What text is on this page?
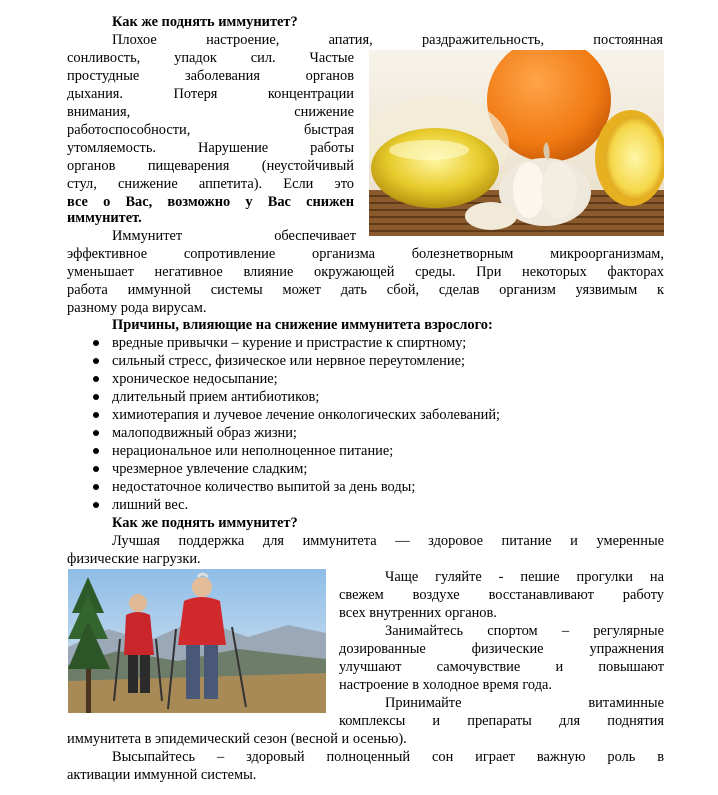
Как же поднять иммунитет?
Плохое настроение, апатия, раздражительность, постоянная
сонливость, упадок сил. Частые
простудные заболевания органов
дыхания. Потеря концентрации
внимания, снижение
работоспособности, быстрая
утомляемость. Нарушение работы
органов пищеварения (неустойчивый
стул, снижение аппетита). Если это
все о Вас, возможно у Вас снижен
иммунитет.
Иммунитет обеспечивает
эффективное сопротивление организма болезнетворным микроорганизмам,
уменьшает негативное влияние окружающей среды. При некоторых факторах
работа иммунной системы может дать сбой, сделав организм уязвимым к
разному рода вирусам.
Причины, влияющие на снижение иммунитета взрослого:
вредные привычки – курение и пристрастие к спиртному;
сильный стресс, физическое или нервное переутомление;
хроническое недосыпание;
длительный прием антибиотиков;
химиотерапия и лучевое лечение онкологических заболеваний;
малоподвижный образ жизни;
нерациональное или неполноценное питание;
чрезмерное увлечение сладким;
недостаточное количество выпитой за день воды;
лишний вес.
Как же поднять иммунитет?
Лучшая поддержка для иммунитета — здоровое питание и умеренные
физические нагрузки.
Чаще гуляйте - пешие прогулки на
свежем воздухе восстанавливают работу
всех внутренних органов.
Занимайтесь спортом – регулярные
дозированные физические упражнения
улучшают самочувствие и повышают
настроение в холодное время года.
Принимайте витаминные
комплексы и препараты для поднятия
иммунитета в эпидемический сезон (весной и осенью).
Высыпайтесь – здоровый полноценный сон играет важную роль в
активации иммунной системы.
